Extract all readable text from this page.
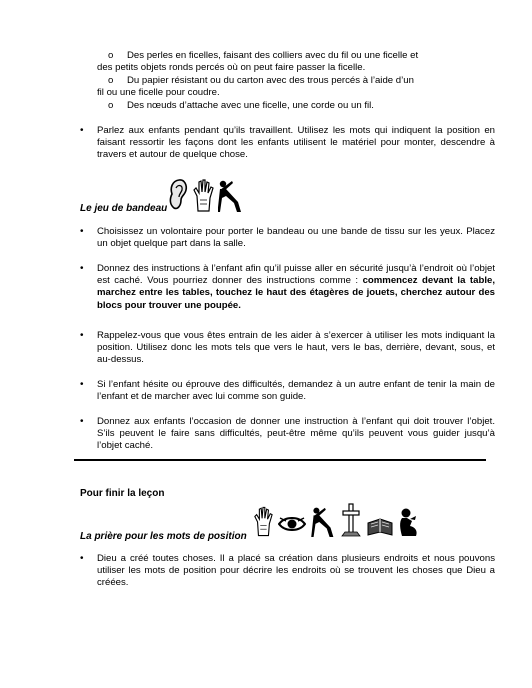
o Des perles en ficelles, faisant des colliers avec du fil ou une ficelle et
des petits objets ronds percés où on peut faire passer la ficelle.
o Du papier résistant ou du carton avec des trous percés à l’aide d’un
fil ou une ficelle pour coudre.
o Des nœuds d’attache avec une ficelle, une corde ou un fil.
• Parlez aux enfants pendant qu’ils travaillent. Utilisez les mots qui indiquent la position en faisant ressortir les façons dont les enfants utilisent le matériel pour monter, descendre à travers et autour de quelque chose.
Le jeu de bandeau
• Choisissez un volontaire pour porter le bandeau ou une bande de tissu sur les yeux. Placez un objet quelque part dans la salle.
• Donnez des instructions à l’enfant afin qu’il puisse aller en sécurité jusqu’à l’endroit où l’objet est caché. Vous pourriez donner des instructions comme : commencez devant la table, marchez entre les tables, touchez le haut des étagères de jouets, cherchez autour des blocs pour trouver une poupée.
• Rappelez-vous que vous êtes entrain de les aider à s’exercer à utiliser les mots indiquant la position. Utilisez donc les mots tels que vers le haut, vers le bas, derrière, devant, sous, et au-dessus.
• Si l’enfant hésite ou éprouve des difficultés, demandez à un autre enfant de tenir la main de l’enfant et de marcher avec lui comme son guide.
• Donnez aux enfants l’occasion de donner une instruction à l’enfant qui doit trouver l’objet. S’ils peuvent le faire sans difficultés, peut-être même qu’ils peuvent vous guider jusqu’à l’objet caché.
Pour finir la leçon
La prière pour les mots de position
• Dieu a créé toutes choses. Il a placé sa création dans plusieurs endroits et nous pouvons utiliser les mots de position pour décrire les endroits où se trouvent les choses que Dieu a créées.
